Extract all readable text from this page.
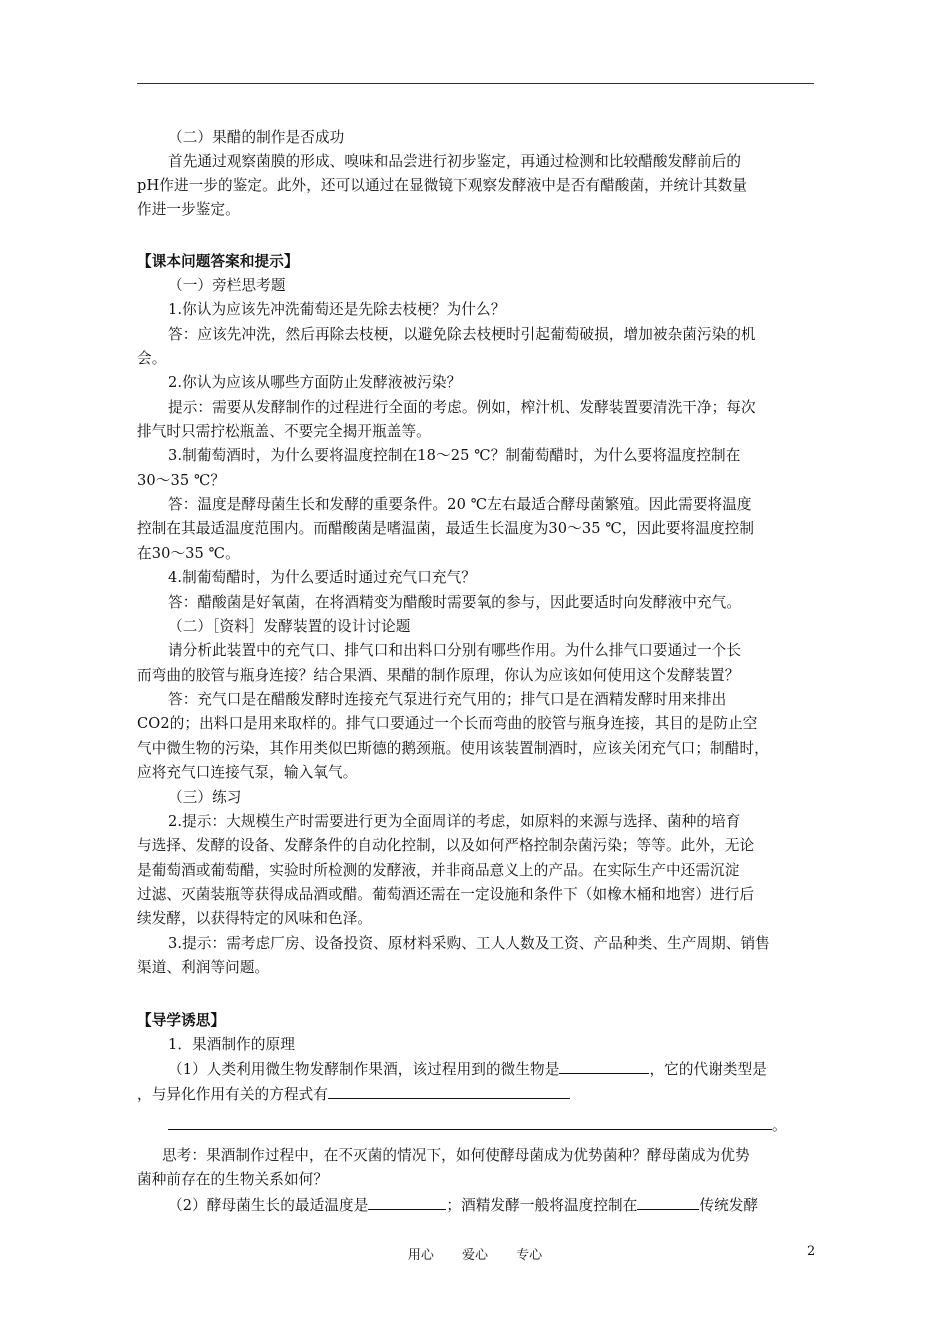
（二）果醋的制作是否成功
首先通过观察菌膜的形成、嗅味和品尝进行初步鉴定，再通过检测和比较醋酸发酵前后的
pH作进一步的鉴定。此外，还可以通过在显微镜下观察发酵液中是否有醋酸菌，并统计其数量
作进一步鉴定。
【课本问题答案和提示】
（一）旁栏思考题
1.你认为应该先冲洗葡萄还是先除去枝梗？为什么？
答：应该先冲洗，然后再除去枝梗，以避免除去枝梗时引起葡萄破损，增加被杂菌污染的机
会。
2.你认为应该从哪些方面防止发酵液被污染？
提示：需要从发酵制作的过程进行全面的考虑。例如，榨汁机、发酵装置要清洗干净；每次
排气时只需拧松瓶盖、不要完全揭开瓶盖等。
3.制葡萄酒时，为什么要将温度控制在18～25 ℃？制葡萄醋时，为什么要将温度控制在
30～35 ℃？
答：温度是酵母菌生长和发酵的重要条件。20 ℃左右最适合酵母菌繁殖。因此需要将温度
控制在其最适温度范围内。而醋酸菌是嗜温菌，最适生长温度为30～35 ℃，因此要将温度控制
在30～35 ℃。
4.制葡萄醋时，为什么要适时通过充气口充气？
答：醋酸菌是好氧菌，在将酒精变为醋酸时需要氧的参与，因此要适时向发酵液中充气。
（二）［资料］发酵装置的设计讨论题
请分析此装置中的充气口、排气口和出料口分别有哪些作用。为什么排气口要通过一个长
而弯曲的胶管与瓶身连接？结合果酒、果醋的制作原理，你认为应该如何使用这个发酵装置？
答：充气口是在醋酸发酵时连接充气泵进行充气用的；排气口是在酒精发酵时用来排出
CO2的；出料口是用来取样的。排气口要通过一个长而弯曲的胶管与瓶身连接，其目的是防止空
气中微生物的污染，其作用类似巴斯德的鹅颈瓶。使用该装置制酒时，应该关闭充气口；制醋时，
应将充气口连接气泵，输入氧气。
（三）练习
2.提示：大规模生产时需要进行更为全面周详的考虑，如原料的来源与选择、菌种的培育
与选择、发酵的设备、发酵条件的自动化控制，以及如何严格控制杂菌污染；等等。此外，无论
是葡萄酒或葡萄醋，实验时所检测的发酵液，并非商品意义上的产品。在实际生产中还需沉淀
过滤、灭菌装瓶等获得成品酒或醋。葡萄酒还需在一定设施和条件下（如橡木桶和地窖）进行后
续发酵，以获得特定的风味和色泽。
3.提示：需考虑厂房、设备投资、原材料采购、工人人数及工资、产品种类、生产周期、销售
渠道、利润等问题。
【导学诱思】
1．果酒制作的原理
（1）人类利用微生物发酵制作果酒，该过程用到的微生物是	，它的代谢类型是
，与异化作用有关的方程式有
。
思考：果酒制作过程中，在不灭菌的情况下，如何使酵母菌成为优势菌种？酵母菌成为优势
菌种前存在的生物关系如何？
（2）酵母菌生长的最适温度是	；酒精发酵一般将温度控制在	传统发酵
用心 爱心 专心	2
